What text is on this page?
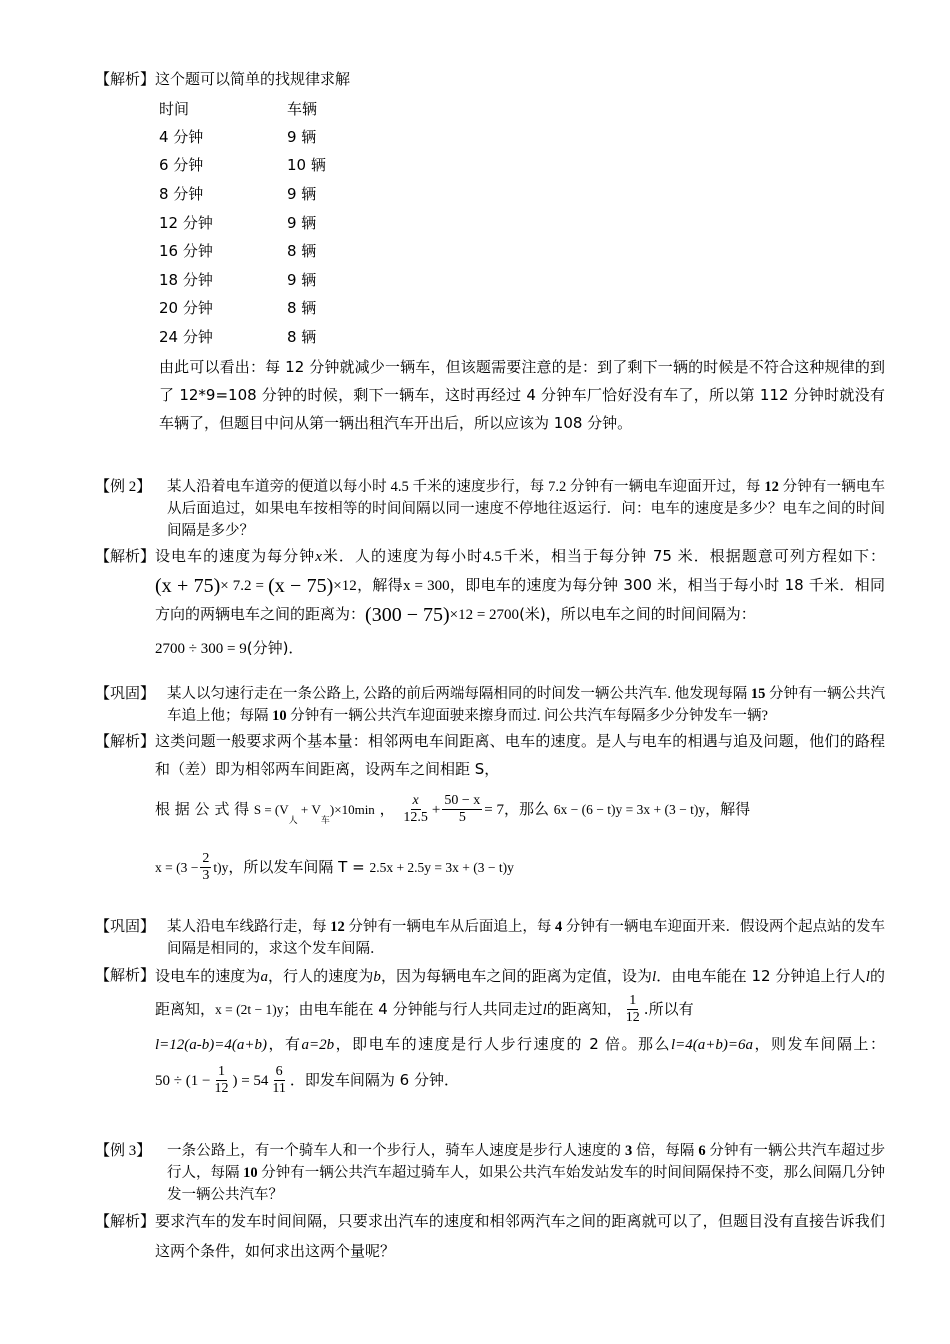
【解析】 这个题可以简单的找规律求解
时间	车辆
4 分钟	9 辆
6 分钟	10 辆
8 分钟	9 辆
12 分钟	9 辆
16 分钟	8 辆
18 分钟	9 辆
20 分钟	8 辆
24 分钟	8 辆
由此可以看出：每 12 分钟就减少一辆车，但该题需要注意的是：到了剩下一辆的时候是不符合这种规律的到了 12*9=108 分钟的时候，剩下一辆车，这时再经过 4 分钟车厂恰好没有车了，所以第 112 分钟时就没有车辆了，但题目中问从第一辆出租汽车开出后，所以应该为 108 分钟。
【例 2】	某人沿着电车道旁的便道以每小时 4.5 千米的速度步行，每 7.2 分钟有一辆电车迎面开过，每 12 分钟有一辆电车从后面追过，如果电车按相等的时间间隔以同一速度不停地往返运行．问：电车的速度是多少？电车之间的时间间隔是多少？
【解析】 设电车的速度为每分钟x米．人的速度为每小时4.5千米，相当于每分钟 75 米．根据题意可列方程如下：(x + 75)× 7.2 = (x − 75)×12，解得x = 300，即电车的速度为每分钟 300 米，相当于每小时 18 千米．相同方向的两辆电车之间的距离为：(300 − 75)×12 = 2700(米)，所以电车之间的时间间隔为：
2700 ÷ 300 = 9(分钟)．
【巩固】 某人以匀速行走在一条公路上, 公路的前后两端每隔相同的时间发一辆公共汽车. 他发现每隔 15 分钟有一辆公共汽车追上他；每隔 10 分钟有一辆公共汽车迎面驶来擦身而过. 问公共汽车每隔多少分钟发车一辆?
【解析】 这类问题一般要求两个基本量：相邻两电车间距离、电车的速度。是人与电车的相遇与追及问题，他们的路程和（差）即为相邻两车间距离，设两车之间相距 S，
根 据 公 式 得 $S = (V_人 + V_车)\times 10\min$ ， $\frac{x}{12.5} + \frac{50 - x}{5} = 7$，那么 6x − (6 − t)y = 3x + (3 − t)y，解得
$x = (3 - \frac{2}{3} t)y$，所以发车间隔 T = 2.5x + 2.5y = 3x + (3 − t)y
【巩固】 某人沿电车线路行走，每 12 分钟有一辆电车从后面追上，每 4 分钟有一辆电车迎面开来．假设两个起点站的发车间隔是相同的，求这个发车间隔．
【解析】 设电车的速度为a，行人的速度为b，因为每辆电车之间的距离为定值，设为l．由电车能在 12 分钟追上行人l的距离知，x = (2t − 1)y；由电车能在 4 分钟能与行人共同走过l的距离知， $\frac{1}{12}$ .所以有
l=12(a-b)=4(a+b)，有a=2b，即电车的速度是行人步行速度的 2 倍。那么l=4(a+b)=6a，则发车间隔上：$50 \div (1 - \frac{1}{12}$ ) = $54 \frac{6}{11}$ ．即发车间隔为 6 分钟．
【例 3】	一条公路上，有一个骑车人和一个步行人，骑车人速度是步行人速度的 3 倍，每隔 6 分钟有一辆公共汽车超过步行人，每隔 10 分钟有一辆公共汽车超过骑车人，如果公共汽车始发站发车的时间间隔保持不变，那么间隔几分钟发一辆公共汽车？
【解析】 要求汽车的发车时间间隔，只要求出汽车的速度和相邻两汽车之间的距离就可以了，但题目没有直接告诉我们这两个条件，如何求出这两个量呢？
